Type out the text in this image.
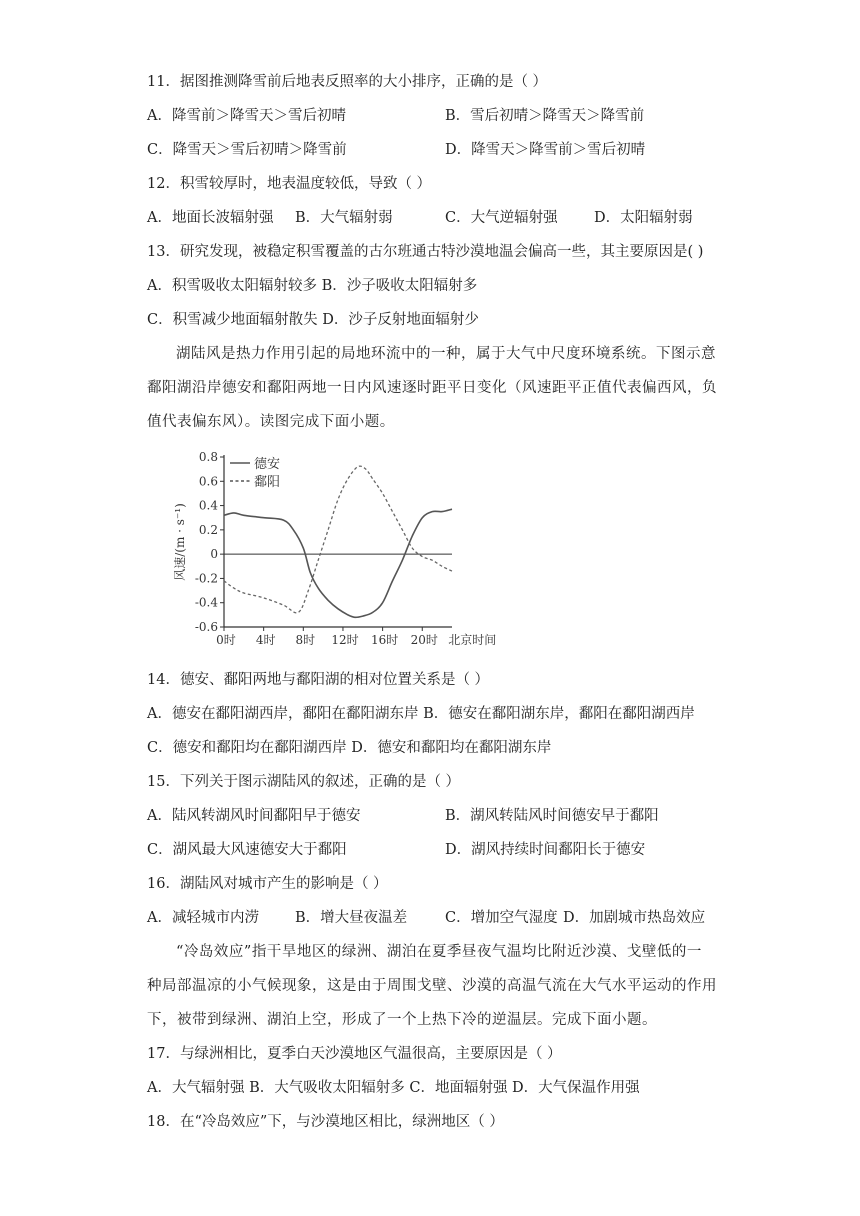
11．据图推测降雪前后地表反照率的大小排序，正确的是（ ）
A．降雪前＞降雪天＞雪后初晴	B．雪后初晴＞降雪天＞降雪前
C．降雪天＞雪后初晴＞降雪前	D．降雪天＞降雪前＞雪后初晴
12．积雪较厚时，地表温度较低，导致（ ）
A．地面长波辐射强 B．大气辐射弱	C．大气逆辐射强	D．太阳辐射弱
13．研究发现，被稳定积雪覆盖的古尔班通古特沙漠地温会偏高一些，其主要原因是( )
A．积雪吸收太阳辐射较多 B．沙子吸收太阳辐射多
C．积雪减少地面辐射散失 D．沙子反射地面辐射少
湖陆风是热力作用引起的局地环流中的一种，属于大气中尺度环境系统。下图示意
鄱阳湖沿岸德安和鄱阳两地一日内风速逐时距平日变化（风速距平正值代表偏西风，负
值代表偏东风）。读图完成下面小题。
0.8
0.6
0.4
0.2
0
-0.2
-0.4
-0.6
0时 4时 8时 12时 16时 20时 北京时间
风速/(m · s⁻¹)
德安
鄱阳
14．德安、鄱阳两地与鄱阳湖的相对位置关系是（ ）
A．德安在鄱阳湖西岸，鄱阳在鄱阳湖东岸 B．德安在鄱阳湖东岸，鄱阳在鄱阳湖西岸
C．德安和鄱阳均在鄱阳湖西岸 D．德安和鄱阳均在鄱阳湖东岸
15．下列关于图示湖陆风的叙述，正确的是（ ）
A．陆风转湖风时间鄱阳早于德安	B．湖风转陆风时间德安早于鄱阳
C．湖风最大风速德安大于鄱阳	D．湖风持续时间鄱阳长于德安
16．湖陆风对城市产生的影响是（ ）
A．减轻城市内涝 B．增大昼夜温差	C．增加空气湿度 D．加剧城市热岛效应
“冷岛效应”指干旱地区的绿洲、湖泊在夏季昼夜气温均比附近沙漠、戈壁低的一
种局部温凉的小气候现象，这是由于周围戈壁、沙漠的高温气流在大气水平运动的作用
下，被带到绿洲、湖泊上空，形成了一个上热下冷的逆温层。完成下面小题。
17．与绿洲相比，夏季白天沙漠地区气温很高，主要原因是（ ）
A．大气辐射强 B．大气吸收太阳辐射多 C．地面辐射强 D．大气保温作用强
18．在“冷岛效应”下，与沙漠地区相比，绿洲地区（ ）
